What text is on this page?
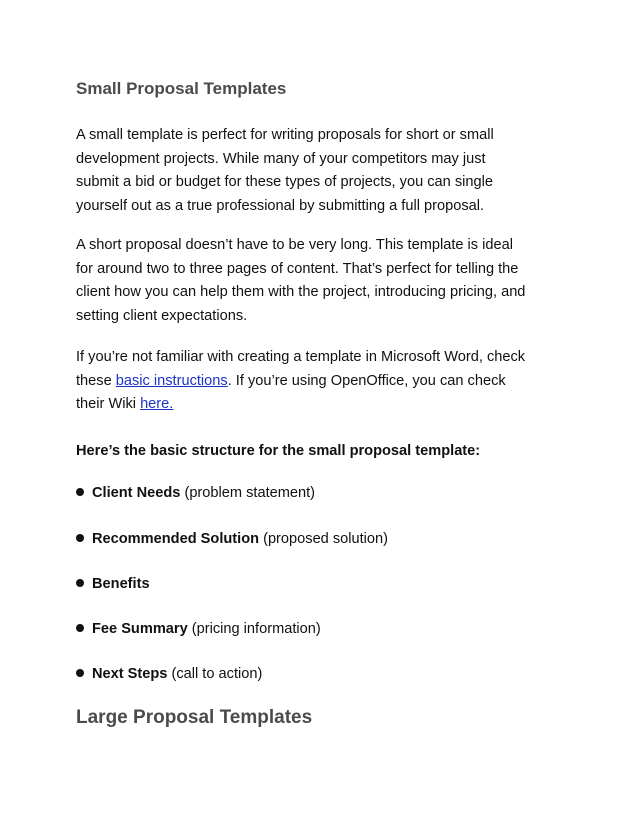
Small Proposal Templates

A small template is perfect for writing proposals for short or small
development projects. While many of your competitors may just
submit a bid or budget for these types of projects, you can single
yourself out as a true professional by submitting a full proposal.

A short proposal doesn’t have to be very long. This template is ideal
for around two to three pages of content. That’s perfect for telling the
client how you can help them with the project, introducing pricing, and
setting client expectations.

If you’re not familiar with creating a template in Microsoft Word, check
these basic instructions. If you’re using OpenOffice, you can check
their Wiki here.

Here’s the basic structure for the small proposal template:

Client Needs (problem statement)
Recommended Solution (proposed solution)
Benefits
Fee Summary (pricing information)
Next Steps (call to action)
Large Proposal Templates
